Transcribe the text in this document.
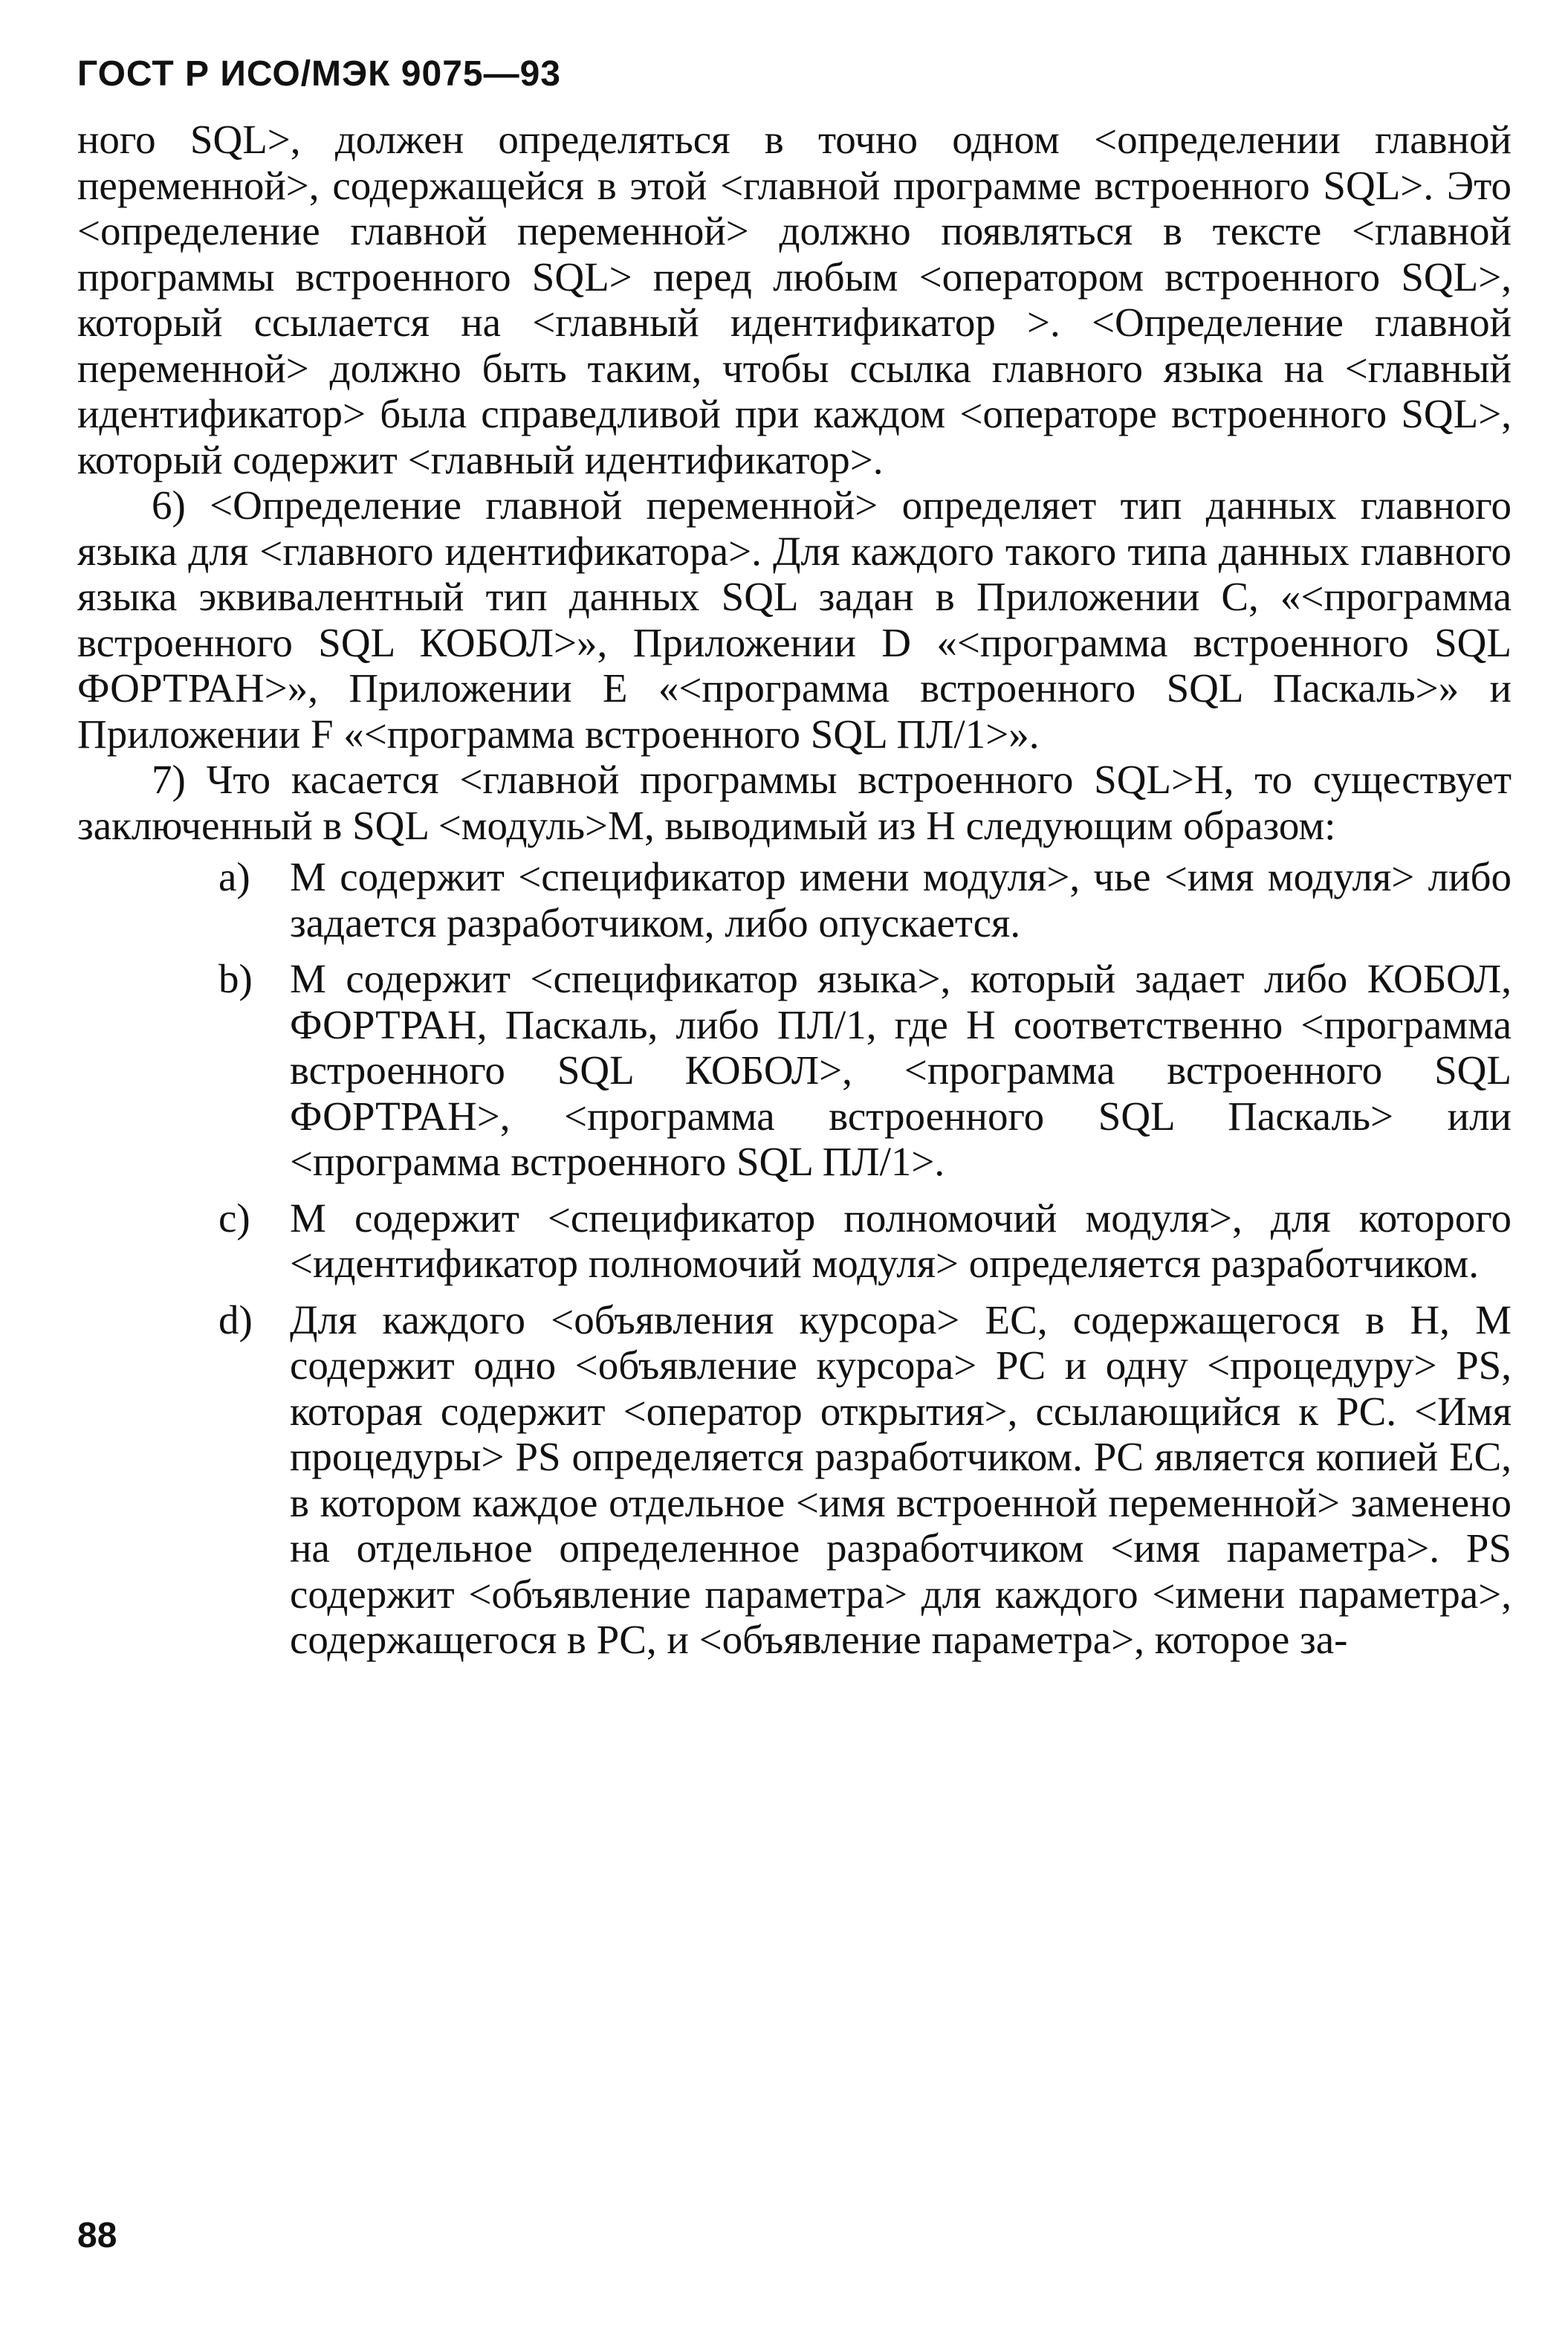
ГОСТ Р ИСО/МЭК 9075—93

ного SQL>, должен определяться в точно одном <определении главной переменной>, содержащейся в этой <главной программе встроенного SQL>. Это <определение главной переменной> должно появляться в тексте <главной программы встроенного SQL> перед любым <оператором встроенного SQL>, который ссылается на <главный идентификатор >. <Определение главной переменной> должно быть таким, чтобы ссылка главного языка на <главный идентификатор> была справедливой при каждом <операторе встроенного SQL>, который содержит <главный идентификатор>.

6) <Определение главной переменной> определяет тип данных главного языка для <главного идентификатора>. Для каждого такого типа данных главного языка эквивалентный тип данных SQL задан в Приложении С, «<программа встроенного SQL КОБОЛ>», Приложении D «<программа встроенного SQL ФОРТРАН>», Приложении Е «<программа встроенного SQL Паскаль>» и Приложении F «<программа встроенного SQL ПЛ/1>».

7) Что касается <главной программы встроенного SQL>H, то существует заключенный в SQL <модуль>M, выводимый из Н следующим образом:

a) М содержит <спецификатор имени модуля>, чье <имя модуля> либо задается разработчиком, либо опускается.
b) М содержит <спецификатор языка>, который задает либо КОБОЛ, ФОРТРАН, Паскаль, либо ПЛ/1, где Н соответственно <программа встроенного SQL КОБОЛ>, <программа встроенного SQL ФОРТРАН>, <программа встроенного SQL Паскаль> или <программа встроенного SQL ПЛ/1>.
c) М содержит <спецификатор полномочий модуля>, для которого <идентификатор полномочий модуля> определяется разработчиком.
d) Для каждого <объявления курсора> ЕС, содержащегося в Н, М содержит одно <объявление курсора> PC и одну <процедуру> PS, которая содержит <оператор открытия>, ссылающийся к PC. <Имя процедуры> PS определяется разработчиком. PC является копией ЕС, в котором каждое отдельное <имя встроенной переменной> заменено на отдельное определенное разработчиком <имя параметра>. PS содержит <объявление параметра> для каждого <имени параметра>, содержащегося в PC, и <объявление параметра>, которое за-
88
